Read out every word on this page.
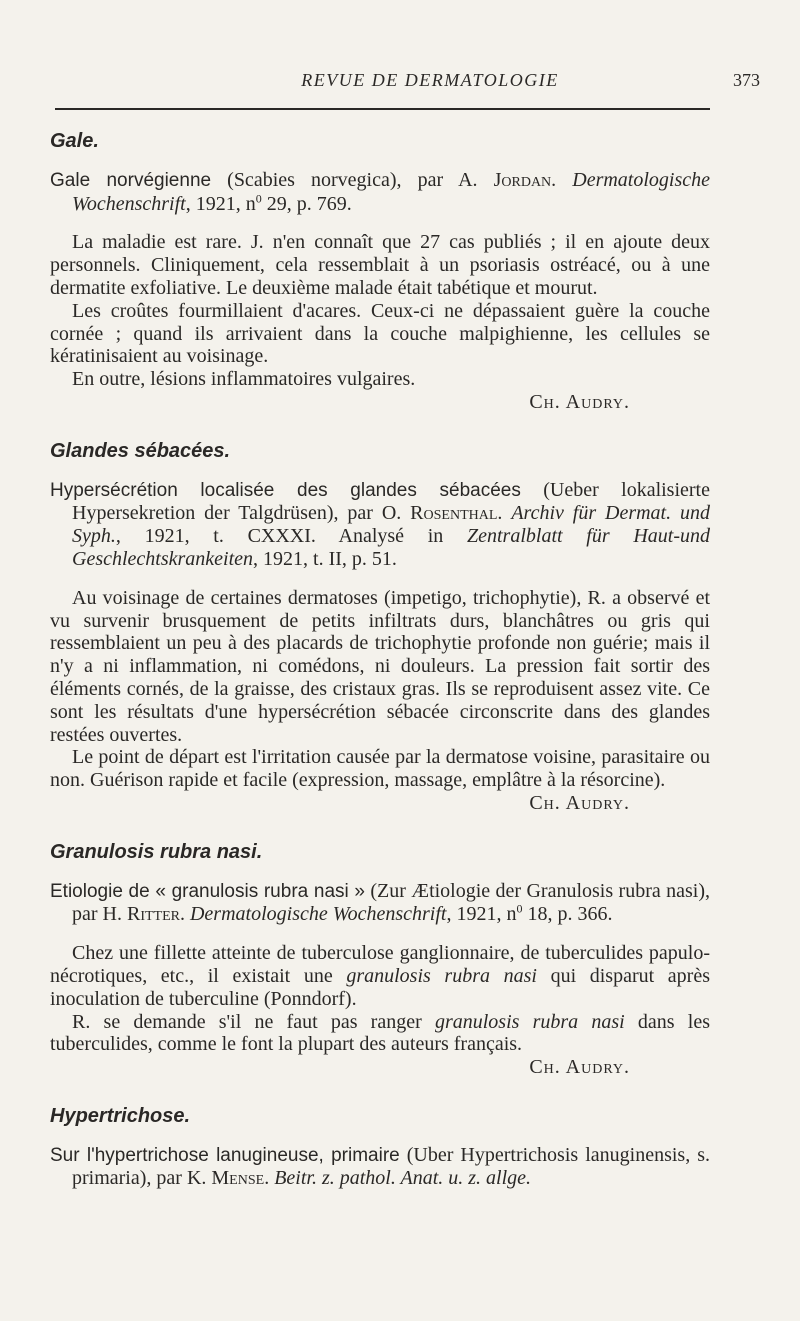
REVUE DE DERMATOLOGIE	373
Gale.

Gale norvégienne (Scabies norvegica), par A. Jordan. Dermatologische Wochenschrift, 1921, $n^0$ 29, p. 769.

La maladie est rare. J. n'en connaît que 27 cas publiés ; il en ajoute deux personnels. Cliniquement, cela ressemblait à un psoriasis ostréacé, ou à une dermatite exfoliative. Le deuxième malade était tabétique et mourut.

Les croûtes fourmillaient d'acares. Ceux-ci ne dépassaient guère la couche cornée ; quand ils arrivaient dans la couche malpighienne, les cellules se kératinisaient au voisinage.

En outre, lésions inflammatoires vulgaires.

Ch. Audry.
Glandes sébacées.

Hypersécrétion localisée des glandes sébacées (Ueber lokalisierte Hypersekretion der Talgdrüsen), par O. Rosenthal. Archiv für Dermat. und Syph., 1921, t. CXXXI. Analysé in Zentralblatt für Haut-und Geschlechtskrankeiten, 1921, t. II, p. 51.

Au voisinage de certaines dermatoses (impetigo, trichophytie), R. a observé et vu survenir brusquement de petits infiltrats durs, blanchâtres ou gris qui ressemblaient un peu à des placards de trichophytie profonde non guérie; mais il n'y a ni inflammation, ni comédons, ni douleurs. La pression fait sortir des éléments cornés, de la graisse, des cristaux gras. Ils se reproduisent assez vite. Ce sont les résultats d'une hypersécrétion sébacée circonscrite dans des glandes restées ouvertes.

Le point de départ est l'irritation causée par la dermatose voisine, parasitaire ou non. Guérison rapide et facile (expression, massage, emplâtre à la résorcine).

Ch. Audry.
Granulosis rubra nasi.

Etiologie de « granulosis rubra nasi » (Zur Ætiologie der Granulosis rubra nasi), par H. Ritter. Dermatologische Wochenschrift, 1921, $n^0$ 18, p. 366.

Chez une fillette atteinte de tuberculose ganglionnaire, de tuberculides papulo-nécrotiques, etc., il existait une granulosis rubra nasi qui disparut après inoculation de tuberculine (Ponndorf).

R. se demande s'il ne faut pas ranger granulosis rubra nasi dans les tuberculides, comme le font la plupart des auteurs français.

Ch. Audry.
Hypertrichose.

Sur l'hypertrichose lanugineuse, primaire (Uber Hypertrichosis lanuginensis, s. primaria), par K. Mense. Beitr. z. pathol. Anat. u. z. allge.
